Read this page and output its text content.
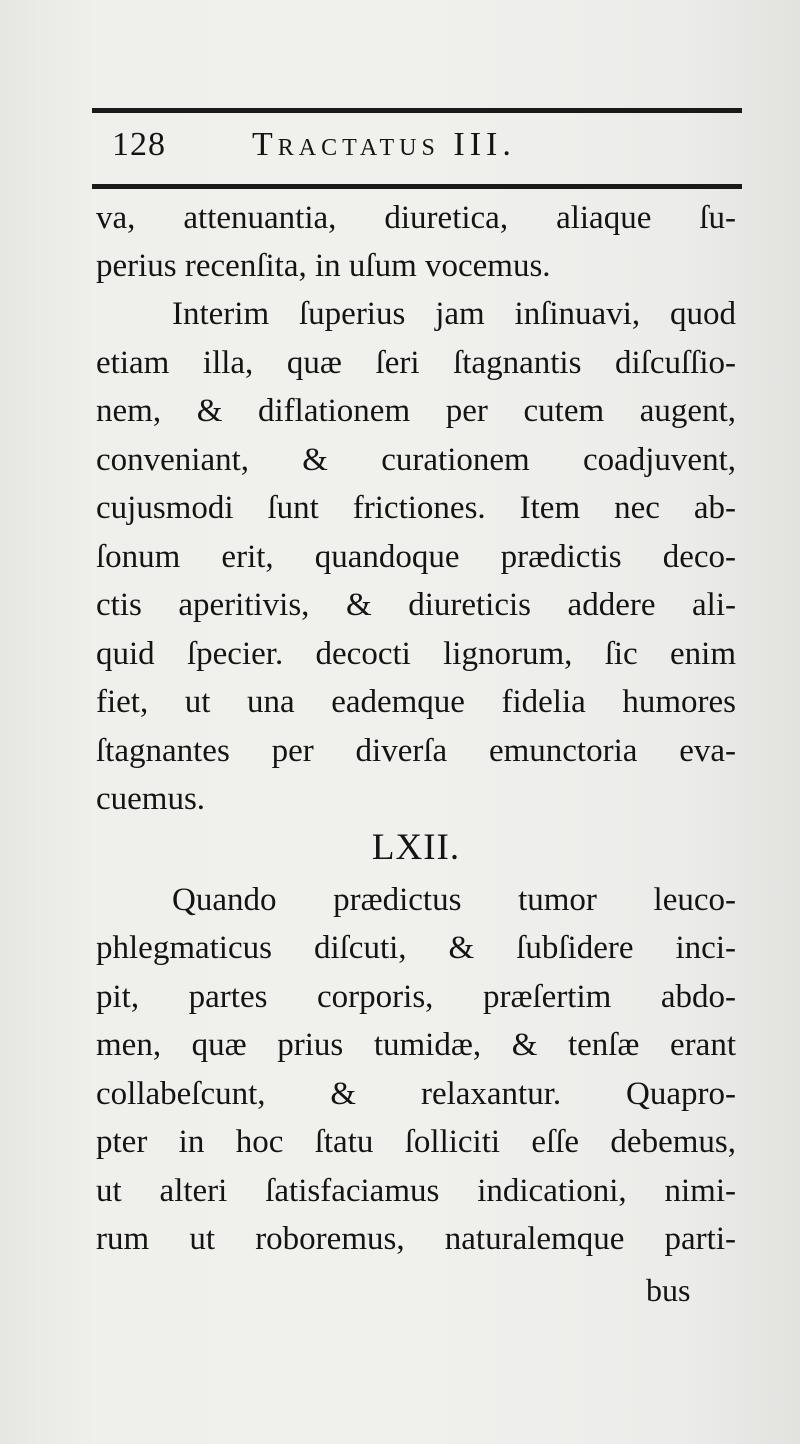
128	Tractatus III.
va, attenuantia, diuretica, aliaque ſu-
perius recenſita, in uſum vocemus.
Interim ſuperius jam inſinuavi, quod
etiam illa, quæ ſeri ſtagnantis diſcuſſio-
nem, & diflationem per cutem augent,
conveniant, & curationem coadjuvent,
cujusmodi ſunt frictiones. Item nec ab-
ſonum erit, quandoque prædictis deco-
ctis aperitivis, & diureticis addere ali-
quid ſpecier. decocti lignorum, ſic enim
fiet, ut una eademque fidelia humores
ſtagnantes per diverſa emunctoria eva-
cuemus.
LXII.
Quando prædictus tumor leuco-
phlegmaticus diſcuti, & ſubſidere inci-
pit, partes corporis, præſertim abdo-
men, quæ prius tumidæ, & tenſæ erant
collabeſcunt, & relaxantur. Quapro-
pter in hoc ſtatu ſolliciti eſſe debemus,
ut alteri ſatisfaciamus indicationi, nimi-
rum ut roboremus, naturalemque parti-
bus
